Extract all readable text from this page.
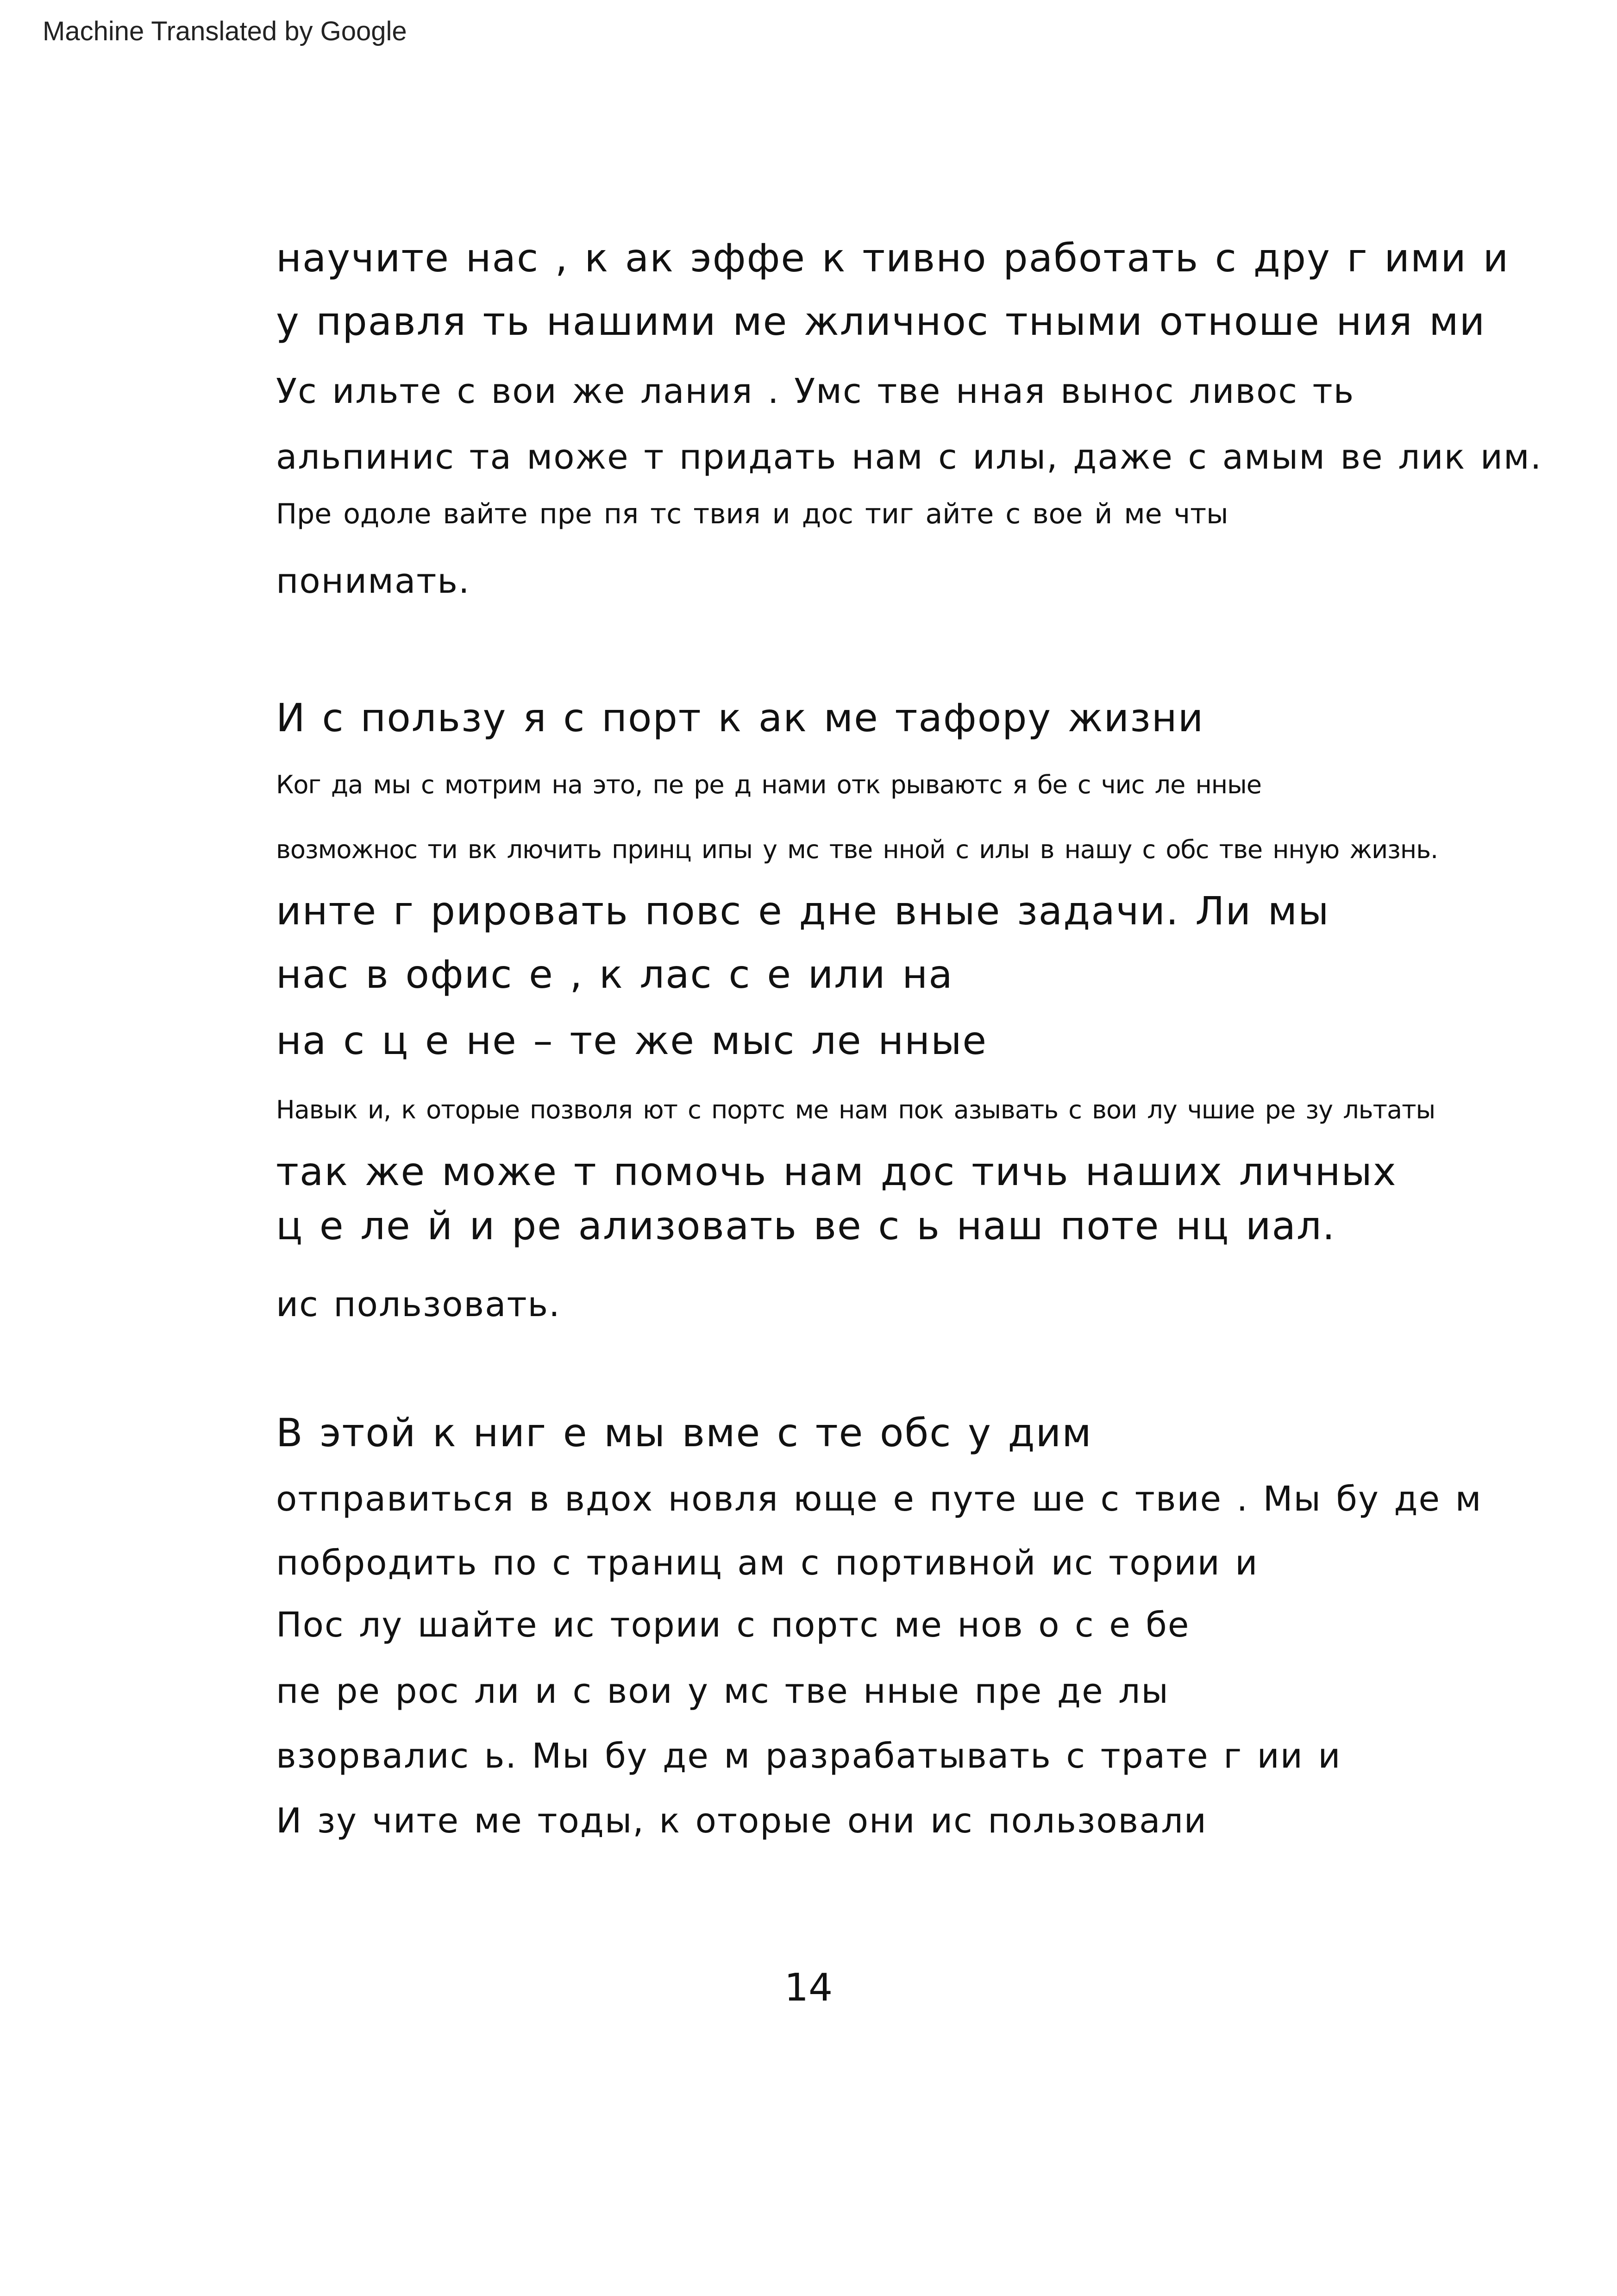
Machine Translated by Google
научите нас , к ак эффе к тивно работать с дру г ими и
у правля ть нашими ме жличнос тными отноше ния ми
Ус ильте с вои же лания . Умс тве нная вынос ливос ть
альпинис та може т придать нам с илы, даже с амым ве лик им.
Пре одоле вайте пре пя тс твия и дос тиг айте с вое й ме чты
понимать.
И с пользу я с порт к ак ме тафору жизни
Ког да мы с мотрим на это, пе ре д нами отк рываютс я бе с чис ле нные
возможнос ти вк лючить принц ипы у мс тве нной с илы в нашу с обс тве нную жизнь.
инте г рировать повс е дне вные задачи. Ли мы
нас в офис е , к лас с е или на
на с ц е не – те же мыс ле нные
Навык и, к оторые позволя ют с портс ме нам пок азывать с вои лу чшие ре зу льтаты
так же може т помочь нам дос тичь наших личных
ц е ле й и ре ализовать ве с ь наш поте нц иал.
ис пользовать.
В этой к ниг е мы вме с те обс у дим
отправиться в вдох новля юще е путе ше с твие . Мы бу де м
побродить по с траниц ам с портивной ис тории и
Пос лу шайте ис тории с портс ме нов о с е бе
пе ре рос ли и с вои у мс тве нные пре де лы
взорвалис ь. Мы бу де м разрабатывать с трате г ии и
И зу чите ме тоды, к оторые они ис пользовали
14
